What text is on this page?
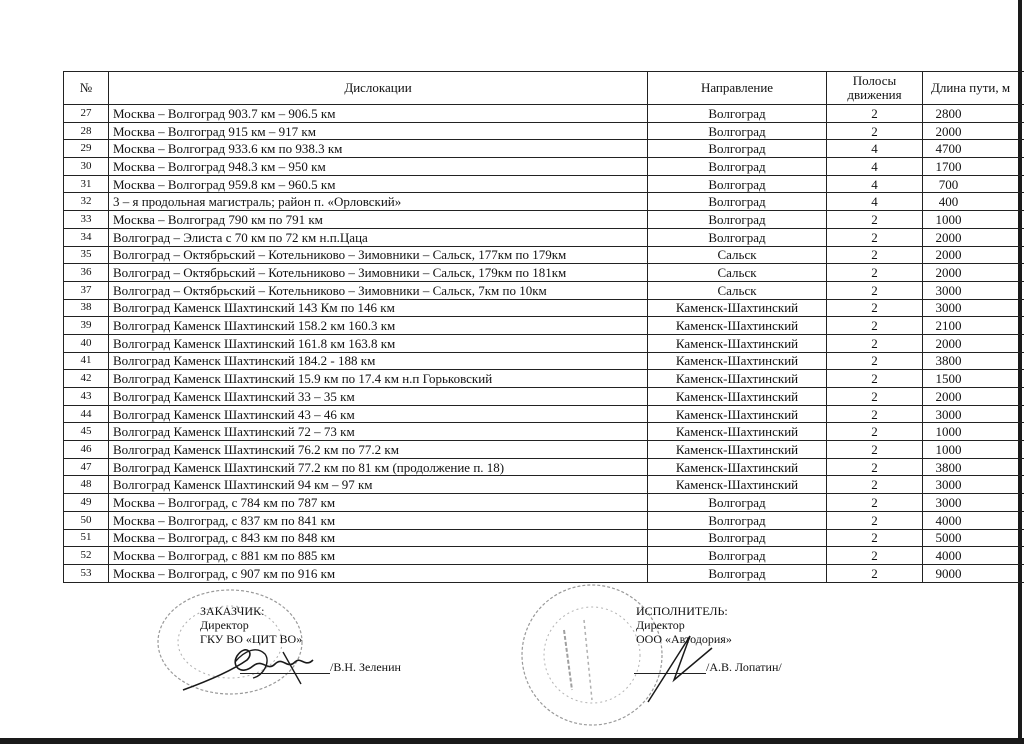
№	Дислокации	Направление	Полосы движения	Длина пути, м
27	Москва – Волгоград 903.7 км – 906.5 км	Волгоград	2	2800
28	Москва – Волгоград 915 км – 917 км	Волгоград	2	2000
29	Москва – Волгоград 933.6 км по 938.3 км	Волгоград	4	4700
30	Москва – Волгоград 948.3 км – 950 км	Волгоград	4	1700
31	Москва – Волгоград 959.8 км – 960.5 км	Волгоград	4	700
32	3 – я продольная магистраль; район п. «Орловский»	Волгоград	4	400
33	Москва – Волгоград 790 км по 791 км	Волгоград	2	1000
34	Волгоград – Элиста с 70 км по 72 км н.п.Цаца	Волгоград	2	2000
35	Волгоград – Октябрьский – Котельниково – Зимовники – Сальск, 177км по 179км	Сальск	2	2000
36	Волгоград – Октябрьский – Котельниково – Зимовники – Сальск, 179км по 181км	Сальск	2	2000
37	Волгоград – Октябрьский – Котельниково – Зимовники – Сальск, 7км по 10км	Сальск	2	3000
38	Волгоград Каменск Шахтинский 143 Км по 146 км	Каменск-Шахтинский	2	3000
39	Волгоград Каменск Шахтинский 158.2 км 160.3 км	Каменск-Шахтинский	2	2100
40	Волгоград Каменск Шахтинский 161.8 км 163.8 км	Каменск-Шахтинский	2	2000
41	Волгоград Каменск Шахтинский 184.2 - 188 км	Каменск-Шахтинский	2	3800
42	Волгоград Каменск Шахтинский 15.9 км по 17.4 км н.п Горьковский	Каменск-Шахтинский	2	1500
43	Волгоград Каменск Шахтинский 33 – 35 км	Каменск-Шахтинский	2	2000
44	Волгоград Каменск Шахтинский 43 – 46 км	Каменск-Шахтинский	2	3000
45	Волгоград Каменск Шахтинский 72 – 73 км	Каменск-Шахтинский	2	1000
46	Волгоград Каменск Шахтинский 76.2 км по 77.2 км	Каменск-Шахтинский	2	1000
47	Волгоград Каменск Шахтинский 77.2 км по 81 км (продолжение п. 18)	Каменск-Шахтинский	2	3800
48	Волгоград Каменск Шахтинский 94 км – 97 км	Каменск-Шахтинский	2	3000
49	Москва – Волгоград, с 784 км по 787 км	Волгоград	2	3000
50	Москва – Волгоград, с 837 км по 841 км	Волгоград	2	4000
51	Москва – Волгоград, с 843 км по 848 км	Волгоград	2	5000
52	Москва – Волгоград, с 881 км по 885 км	Волгоград	2	4000
53	Москва – Волгоград, с 907 км по 916 км	Волгоград	2	9000
ЗАКАЗЧИК:
Директор
ГКУ ВО «ЦИТ ВО»
/В.Н. Зеленин
ИСПОЛНИТЕЛЬ:
Директор
ООО «Автодория»
/А.В. Лопатин/
